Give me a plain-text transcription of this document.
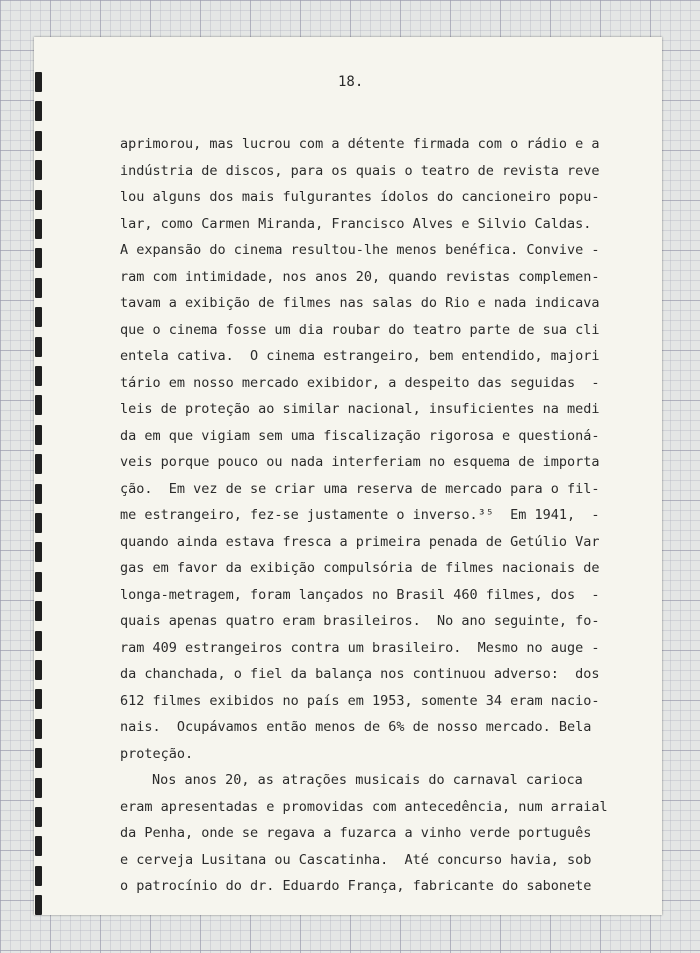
18.
aprimorou, mas lucrou com a détente firmada com o rádio e a
indústria de discos, para os quais o teatro de revista reve
lou alguns dos mais fulgurantes ídolos do cancioneiro popu-
lar, como Carmen Miranda, Francisco Alves e Silvio Caldas.
A expansão do cinema resultou-lhe menos benéfica. Convive -
ram com intimidade, nos anos 20, quando revistas complemen-
tavam a exibição de filmes nas salas do Rio e nada indicava
que o cinema fosse um dia roubar do teatro parte de sua cli
entela cativa.  O cinema estrangeiro, bem entendido, majori
tário em nosso mercado exibidor, a despeito das seguidas  -
leis de proteção ao similar nacional, insuficientes na medi
da em que vigiam sem uma fiscalização rigorosa e questioná-
veis porque pouco ou nada interferiam no esquema de importa
ção.  Em vez de se criar uma reserva de mercado para o fil-
me estrangeiro, fez-se justamente o inverso.³⁵  Em 1941,  -
quando ainda estava fresca a primeira penada de Getúlio Var
gas em favor da exibição compulsória de filmes nacionais de
longa-metragem, foram lançados no Brasil 460 filmes, dos  -
quais apenas quatro eram brasileiros.  No ano seguinte, fo-
ram 409 estrangeiros contra um brasileiro.  Mesmo no auge -
da chanchada, o fiel da balança nos continuou adverso:  dos
612 filmes exibidos no país em 1953, somente 34 eram nacio-
nais.  Ocupávamos então menos de 6% de nosso mercado. Bela
proteção.
Nos anos 20, as atrações musicais do carnaval carioca
eram apresentadas e promovidas com antecedência, num arraial
da Penha, onde se regava a fuzarca a vinho verde português
e cerveja Lusitana ou Cascatinha.  Até concurso havia, sob
o patrocínio do dr. Eduardo França, fabricante do sabonete
